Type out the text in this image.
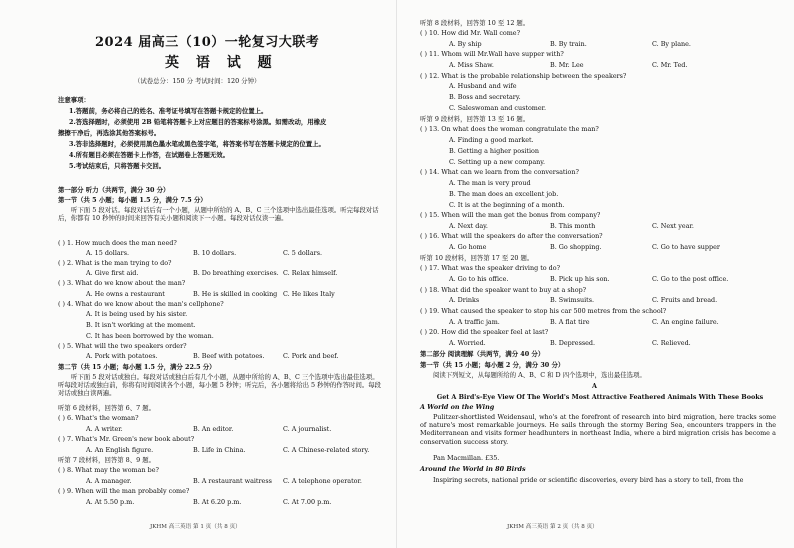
2024 届高三（10）一轮复习大联考
英 语 试 题
（试卷总分：150 分 考试时间：120 分钟）
注意事项：
1.答题前，务必将自己的姓名、准考证号填写在答题卡规定的位置上。
2.答选择题时，必须使用 2B 铅笔将答题卡上对应题目的答案标号涂黑。如需改动，用橡皮
擦擦干净后，再选涂其他答案标号。
3.答非选择题时，必须使用黑色墨水笔或黑色签字笔，将答案书写在答题卡规定的位置上。
4.所有题目必须在答题卡上作答，在试题卷上答题无效。
5.考试结束后，只将答题卡交回。
第一部分 听力（共两节，满分 30 分）
第一节（共 5 小题；每小题 1.5 分，满分 7.5 分）
听下面 5 段对话。每段对话后有一个小题，从题中所给的 A、B、C 三个选项中选出最佳选项。听完每段对话后，你都有 10 秒钟的时间来回答有关小题和阅读下一小题。每段对话仅读一遍。
( ) 1. How much does the man need?
A. 15 dollars.	B. 10 dollars.	C. 5 dollars.
( ) 2. What is the man trying to do?
A. Give first aid.	B. Do breathing exercises. C. Relax himself.
( ) 3. What do we know about the man?
A. He owns a restaurant	B. He is skilled in cooking C. He likes Italy
( ) 4. What do we know about the man's cellphone?
A. It is being used by his sister.
B. It isn't working at the moment.
C. It has been borrowed by the woman.
( ) 5. What will the two speakers order?
A. Pork with potatoes.	B. Beef with potatoes.	C. Pork and beef.
第二节（共 15 小题；每小题 1.5 分，满分 22.5 分）
听下面 5 段对话或独白。每段对话或独白后有几个小题，从题中所给的 A、B、C 三个选项中选出最佳选项。听每段对话或独白前，你将有时间阅读各个小题，每小题 5 秒钟；听完后，各小题将给出 5 秒钟的作答时间。每段对话或独白读两遍。
听第 6 段材料，回答第 6、7 题。
( ) 6. What's the woman?
A. A writer.	B. An editor.	C. A journalist.
( ) 7. What's Mr. Green's new book about?
A. An English figure.	B. Life in China.	C. A Chinese-related story.
听第 7 段材料，回答第 8、9 题。
( ) 8. What may the woman be?
A. A manager.	B. A restaurant waitress C. A telephone operator.
( ) 9. When will the man probably come?
A. At 5.50 p.m.	B. At 6.20 p.m.	C. At 7.00 p.m.
JKHM 高三英语 第 1 页（共 8 页）
听第 8 段材料，回答第 10 至 12 题。
( ) 10. How did Mr. Wall come?
A. By ship	B. By train.	C. By plane.
( ) 11. Whom will Mr.Wall have supper with?
A. Miss Shaw.	B. Mr. Lee	C. Mr. Ted.
( ) 12. What is the probable relationship between the speakers?
A. Husband and wife
B. Boss and secretary.
C. Saleswoman and customer.
听第 9 段材料，回答第 13 至 16 题。
( ) 13. On what does the woman congratulate the man?
A. Finding a good market.
B. Getting a higher position
C. Setting up a new company.
( ) 14. What can we learn from the conversation?
A. The man is very proud
B. The man does an excellent job.
C. It is at the beginning of a month.
( ) 15. When will the man get the bonus from company?
A. Next day.	B. This month	C. Next year.
( ) 16. What will the speakers do after the conversation?
A. Go home	B. Go shopping.	C. Go to have supper
听第 10 段材料，回答第 17 至 20 题。
( ) 17. What was the speaker driving to do?
A. Go to his office.	B. Pick up his son.	C. Go to the post office.
( ) 18. What did the speaker want to buy at a shop?
A. Drinks	B. Swimsuits.	C. Fruits and bread.
( ) 19. What caused the speaker to stop his car 500 metres from the school?
A. A traffic jam.	B. A flat tire	C. An engine failure.
( ) 20. How did the speaker feel at last?
A. Worried.	B. Depressed.	C. Relieved.
第二部分 阅读理解（共两节，满分 40 分）
第一节（共 15 小题；每小题 2 分，满分 30 分）
阅读下列短文，从每题所给的 A、B、C 和 D 四个选项中，选出最佳选项。
A
Get A Bird's-Eye View Of The World's Most Attractive Feathered Animals With These Books
A World on the Wing
Pulitzer-shortlisted Weidensaul, who's at the forefront of research into bird migration, here tracks some of nature's most remarkable journeys. He sails through the stormy Bering Sea, encounters trappers in the Mediterranean and visits former headhunters in northeast India, where a bird migration crisis has become a conservation success story.
Pan Macmillan. £35.
Around the World in 80 Birds
Inspiring secrets, national pride or scientific discoveries, every bird has a story to tell, from the
JKHM 高三英语 第 2 页（共 8 页）
